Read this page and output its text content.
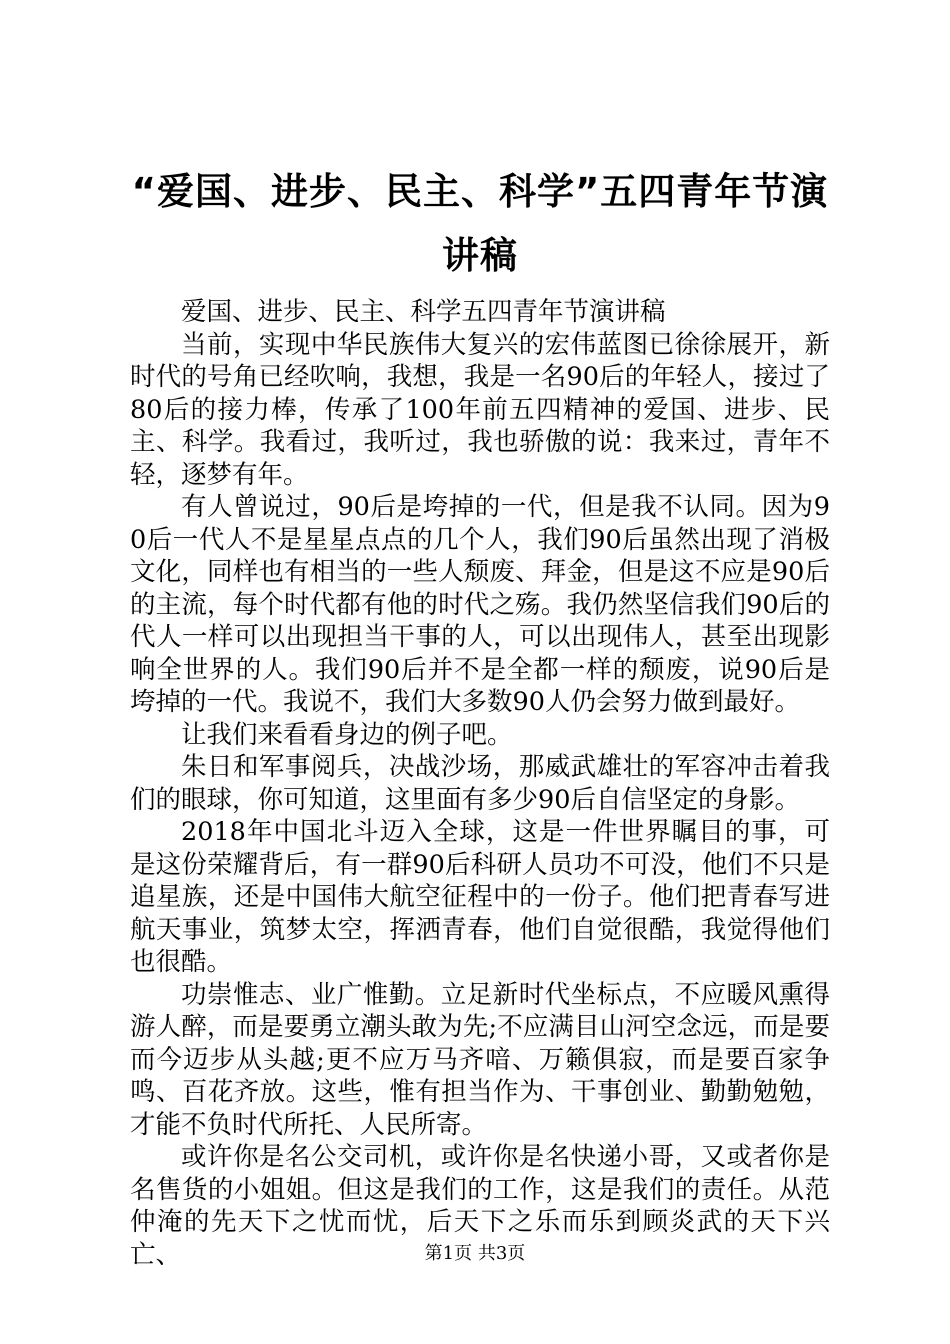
“爱国、进步、民主、科学”五四青年节演讲稿

爱国、进步、民主、科学五四青年节演讲稿

当前，实现中华民族伟大复兴的宏伟蓝图已徐徐展开，新时代的号角已经吹响，我想，我是一名90后的年轻人，接过了80后的接力棒，传承了100年前五四精神的爱国、进步、民主、科学。我看过，我听过，我也骄傲的说：我来过，青年不轻，逐梦有年。

有人曾说过，90后是垮掉的一代，但是我不认同。因为90后一代人不是星星点点的几个人，我们90后虽然出现了消极文化，同样也有相当的一些人颓废、拜金，但是这不应是90后的主流，每个时代都有他的时代之殇。我仍然坚信我们90后的代人一样可以出现担当干事的人，可以出现伟人，甚至出现影响全世界的人。我们90后并不是全都一样的颓废，说90后是垮掉的一代。我说不，我们大多数90人仍会努力做到最好。

让我们来看看身边的例子吧。

朱日和军事阅兵，决战沙场，那威武雄壮的军容冲击着我们的眼球，你可知道，这里面有多少90后自信坚定的身影。

2018年中国北斗迈入全球，这是一件世界瞩目的事，可是这份荣耀背后，有一群90后科研人员功不可没，他们不只是追星族，还是中国伟大航空征程中的一份子。他们把青春写进航天事业，筑梦太空，挥洒青春，他们自觉很酷，我觉得他们也很酷。

功崇惟志、业广惟勤。立足新时代坐标点，不应暖风熏得游人醉，而是要勇立潮头敢为先;不应满目山河空念远，而是要而今迈步从头越;更不应万马齐喑、万籁俱寂，而是要百家争鸣、百花齐放。这些，惟有担当作为、干事创业、勤勤勉勉，才能不负时代所托、人民所寄。

或许你是名公交司机，或许你是名快递小哥，又或者你是名售货的小姐姐。但这是我们的工作，这是我们的责任。从范仲淹的先天下之忧而忧，后天下之乐而乐到顾炎武的天下兴亡、	第1页 共3页
